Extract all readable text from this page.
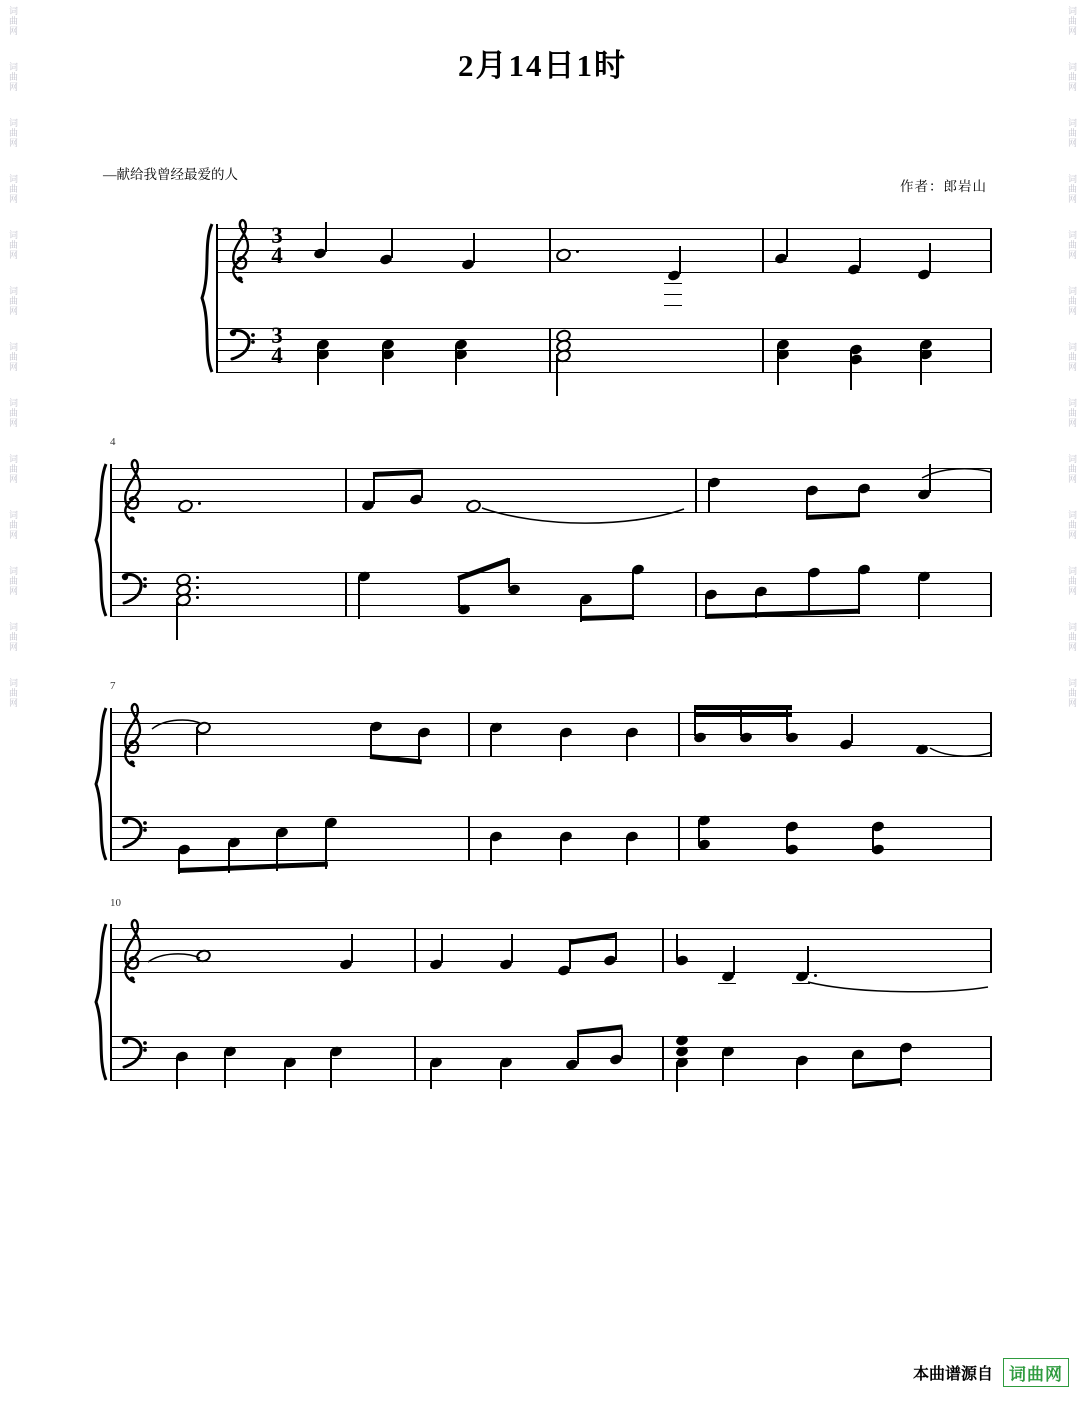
词曲网
词曲网
词曲网
词曲网
词曲网
词曲网
词曲网
词曲网
词曲网
词曲网
词曲网
词曲网
词曲网
词曲网
词曲网
词曲网
词曲网
词曲网
词曲网
词曲网
词曲网
词曲网
词曲网
词曲网
词曲网
词曲网
2月14日1时
—献给我曾经最爱的人
作者：郎岩山
3
4
3
4
4
7
10
本曲谱源自 词曲网
